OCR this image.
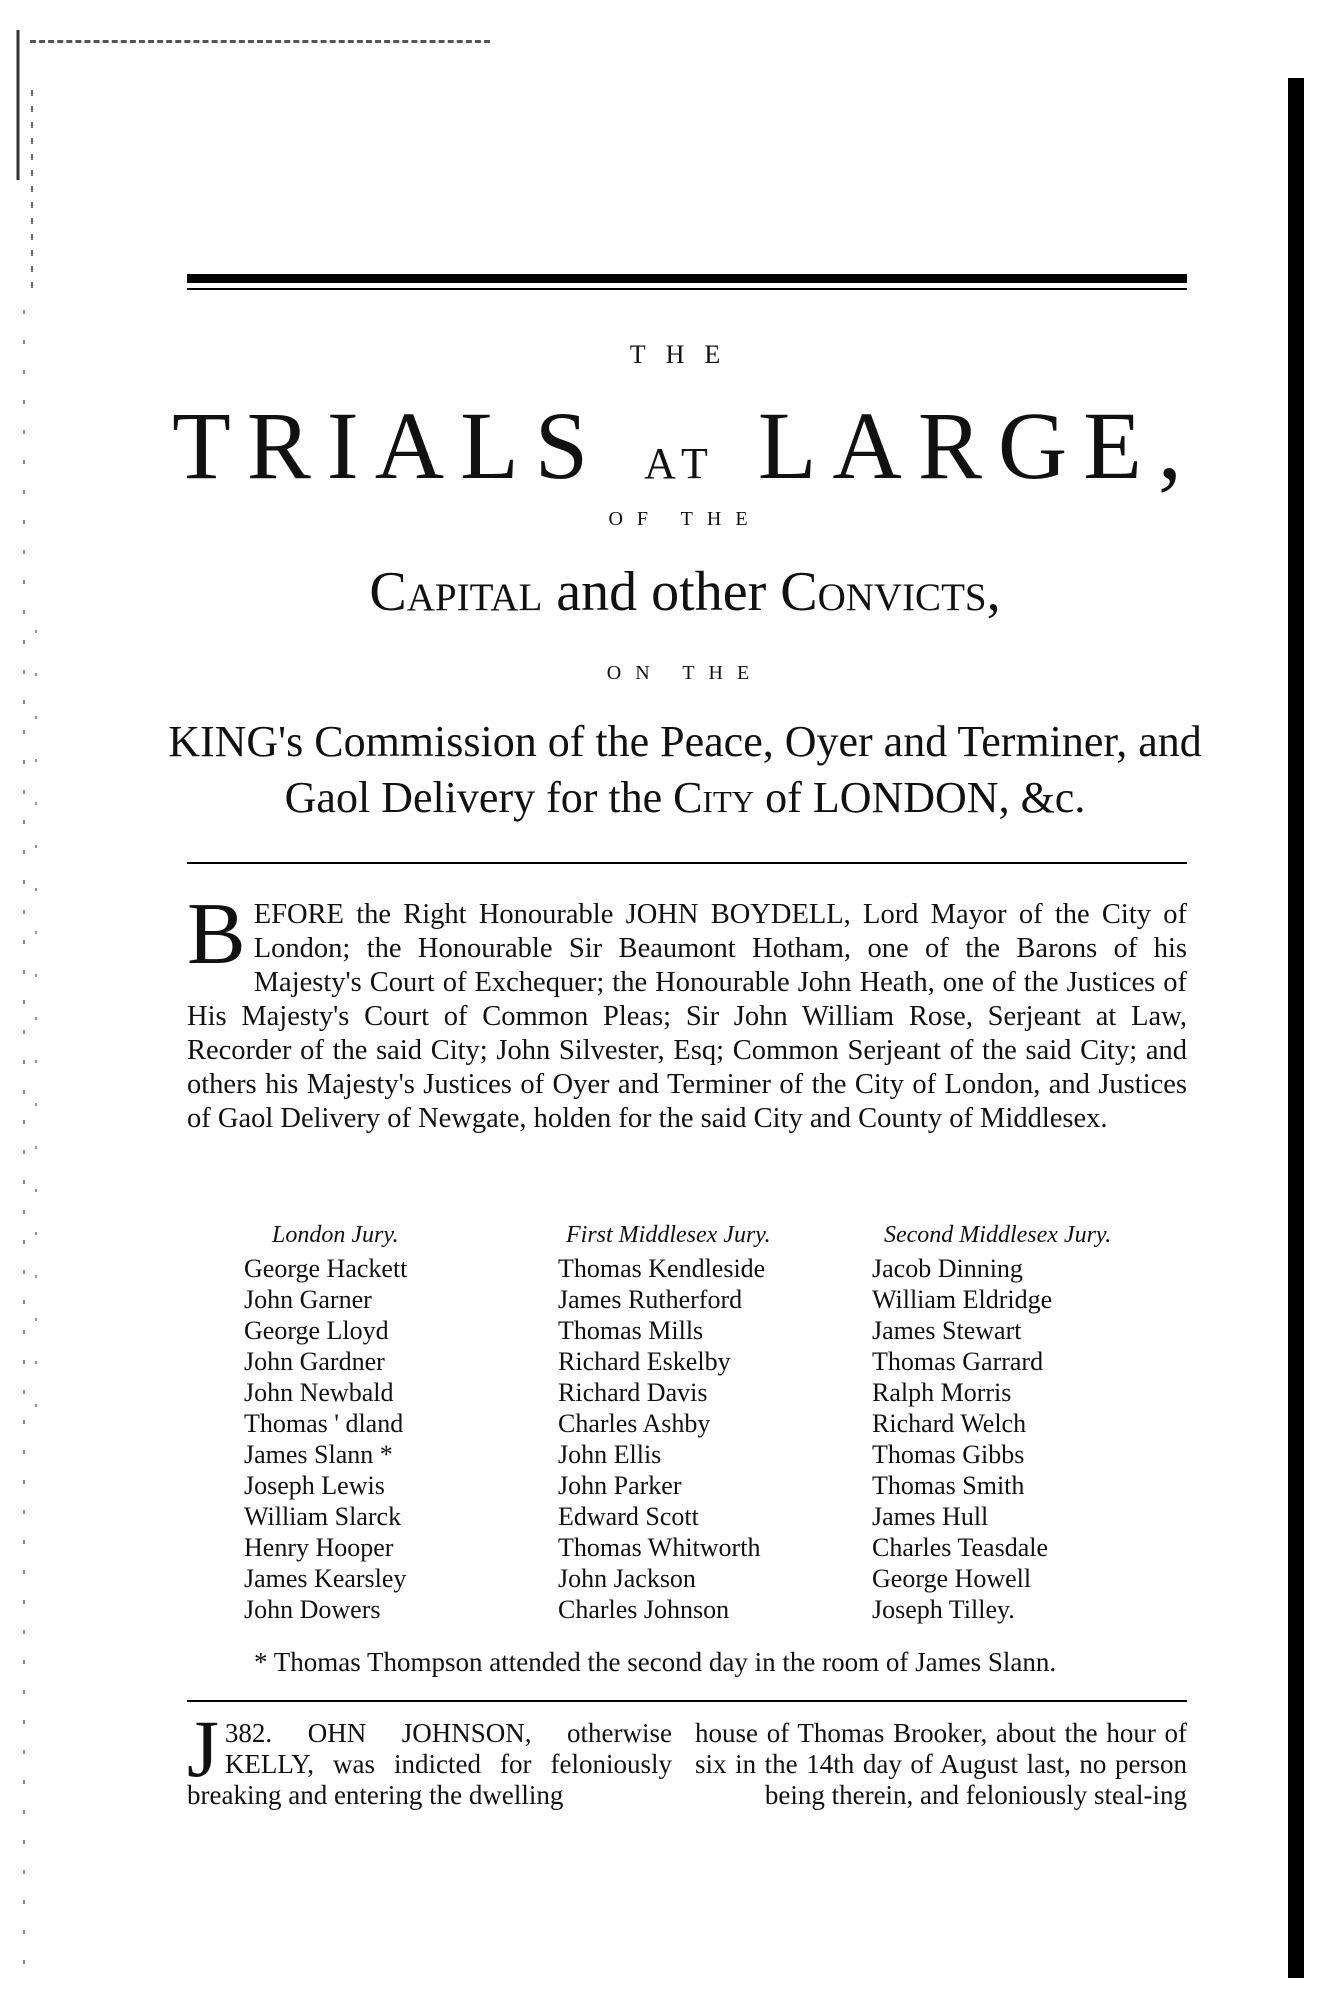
THE
TRIALS AT LARGE,
OF THE
Capital and other Convicts,
ON THE
KING's Commission of the Peace, Oyer and Terminer, and
Gaol Delivery for the City of LONDON, &c.
BEFORE the Right Honourable JOHN BOYDELL, Lord Mayor of the City of London; the Honourable Sir Beaumont Hotham, one of the Barons of his Majesty's Court of Exchequer; the Honourable John Heath, one of the Justices of His Majesty's Court of Common Pleas; Sir John William Rose, Serjeant at Law, Recorder of the said City; John Silvester, Esq; Common Serjeant of the said City; and others his Majesty's Justices of Oyer and Terminer of the City of London, and Justices of Gaol Delivery of Newgate, holden for the said City and County of Middlesex.
London Jury.
George Hackett
John Garner
George Lloyd
John Gardner
John Newbald
Thomas ' dland
James Slann *
Joseph Lewis
William Slarck
Henry Hooper
James Kearsley
John Dowers
First Middlesex Jury.
Thomas Kendleside
James Rutherford
Thomas Mills
Richard Eskelby
Richard Davis
Charles Ashby
John Ellis
John Parker
Edward Scott
Thomas Whitworth
John Jackson
Charles Johnson
Second Middlesex Jury.
Jacob Dinning
William Eldridge
James Stewart
Thomas Garrard
Ralph Morris
Richard Welch
Thomas Gibbs
Thomas Smith
James Hull
Charles Teasdale
George Howell
Joseph Tilley.
* Thomas Thompson attended the second day in the room of James Slann.
382.
J	OHN JOHNSON, otherwise KELLY, was indicted for feloniously breaking and entering the dwelling
house of Thomas Brooker, about the hour of six in the 14th day of August last, no person being therein, and feloniously steal-ing
